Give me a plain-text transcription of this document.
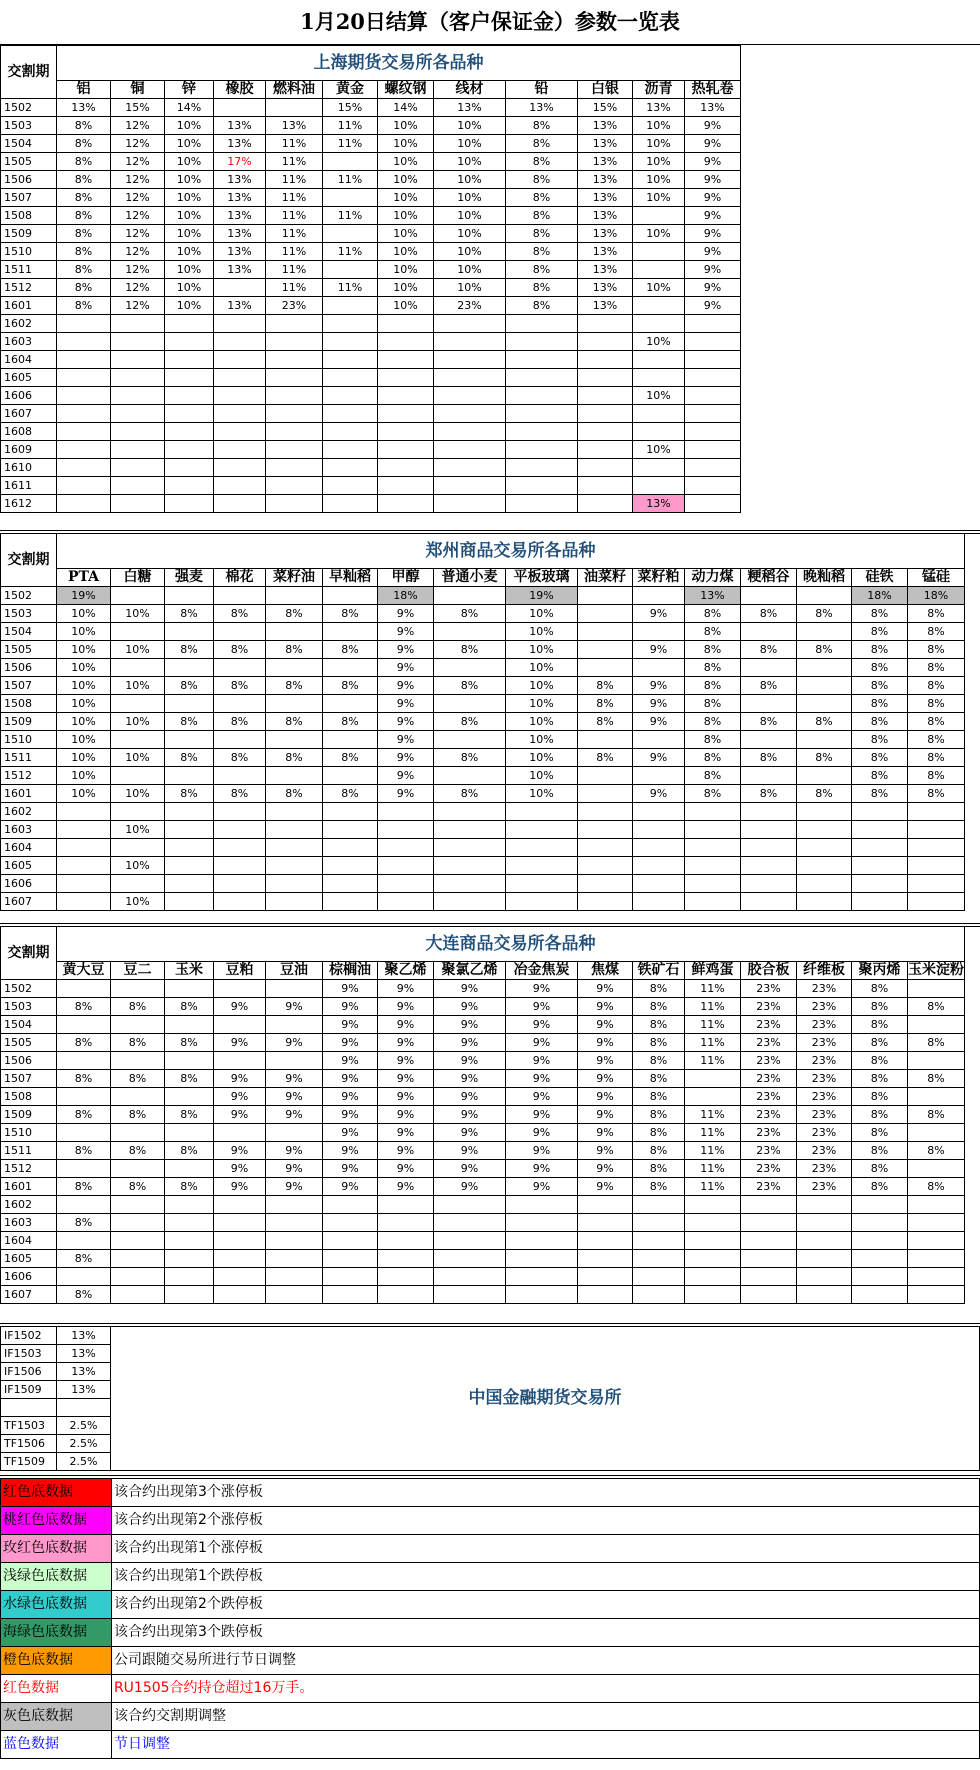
1月20日结算（客户保证金）参数一览表
交割期	上海期货交易所各品种											
	铝	铜	锌	橡胶	燃料油	黄金	螺纹钢	线材	铅	白银	沥青	热轧卷
1502	13%	15%	14%			15%	14%	13%	13%	15%	13%	13%
1503	8%	12%	10%	13%	13%	11%	10%	10%	8%	13%	10%	9%
1504	8%	12%	10%	13%	11%	11%	10%	10%	8%	13%	10%	9%
1505	8%	12%	10%	17%	11%		10%	10%	8%	13%	10%	9%
1506	8%	12%	10%	13%	11%	11%	10%	10%	8%	13%	10%	9%
1507	8%	12%	10%	13%	11%		10%	10%	8%	13%	10%	9%
1508	8%	12%	10%	13%	11%	11%	10%	10%	8%	13%		9%
1509	8%	12%	10%	13%	11%		10%	10%	8%	13%	10%	9%
1510	8%	12%	10%	13%	11%	11%	10%	10%	8%	13%		9%
1511	8%	12%	10%	13%	11%		10%	10%	8%	13%		9%
1512	8%	12%	10%		11%	11%	10%	10%	8%	13%	10%	9%
1601	8%	12%	10%	13%	23%		10%	23%	8%	13%		9%
1602												
1603											10%	
1604												
1605												
1606											10%	
1607												
1608												
1609											10%	
1610												
1611												
1612											13%	
交割期	郑州商品交易所各品种															
	PTA	白糖	强麦	棉花	菜籽油	早籼稻	甲醇	普通小麦	平板玻璃	油菜籽	菜籽粕	动力煤	粳稻谷	晚籼稻	硅铁	锰硅
1502	19%						18%		19%			13%			18%	18%
1503	10%	10%	8%	8%	8%	8%	9%	8%	10%		9%	8%	8%	8%	8%	8%
1504	10%						9%		10%			8%			8%	8%
1505	10%	10%	8%	8%	8%	8%	9%	8%	10%		9%	8%	8%	8%	8%	8%
1506	10%						9%		10%			8%			8%	8%
1507	10%	10%	8%	8%	8%	8%	9%	8%	10%	8%	9%	8%	8%		8%	8%
1508	10%						9%		10%	8%	9%	8%			8%	8%
1509	10%	10%	8%	8%	8%	8%	9%	8%	10%	8%	9%	8%	8%	8%	8%	8%
1510	10%						9%		10%			8%			8%	8%
1511	10%	10%	8%	8%	8%	8%	9%	8%	10%	8%	9%	8%	8%	8%	8%	8%
1512	10%						9%		10%			8%			8%	8%
1601	10%	10%	8%	8%	8%	8%	9%	8%	10%		9%	8%	8%	8%	8%	8%
1602																
1603		10%														
1604																
1605		10%														
1606																
1607		10%														
交割期	大连商品交易所各品种															
	黄大豆	豆二	玉米	豆粕	豆油	棕榈油	聚乙烯	聚氯乙烯	冶金焦炭	焦煤	铁矿石	鲜鸡蛋	胶合板	纤维板	聚丙烯	玉米淀粉
1502						9%	9%	9%	9%	9%	8%	11%	23%	23%	8%	
1503	8%	8%	8%	9%	9%	9%	9%	9%	9%	9%	8%	11%	23%	23%	8%	8%
1504						9%	9%	9%	9%	9%	8%	11%	23%	23%	8%	
1505	8%	8%	8%	9%	9%	9%	9%	9%	9%	9%	8%	11%	23%	23%	8%	8%
1506						9%	9%	9%	9%	9%	8%	11%	23%	23%	8%	
1507	8%	8%	8%	9%	9%	9%	9%	9%	9%	9%	8%		23%	23%	8%	8%
1508				9%	9%	9%	9%	9%	9%	9%	8%		23%	23%	8%	
1509	8%	8%	8%	9%	9%	9%	9%	9%	9%	9%	8%	11%	23%	23%	8%	8%
1510						9%	9%	9%	9%	9%	8%	11%	23%	23%	8%	
1511	8%	8%	8%	9%	9%	9%	9%	9%	9%	9%	8%	11%	23%	23%	8%	8%
1512				9%	9%	9%	9%	9%	9%	9%	8%	11%	23%	23%	8%	
1601	8%	8%	8%	9%	9%	9%	9%	9%	9%	9%	8%	11%	23%	23%	8%	8%
1602																
1603	8%															
1604																
1605	8%															
1606																
1607	8%															
IF1502	13%	中国金融期货交易所
IF1503	13%	
IF1506	13%	
IF1509	13%	

TF1503	2.5%	
TF1506	2.5%	
TF1509	2.5%	
红色底数据	该合约出现第3个涨停板
桃红色底数据	该合约出现第2个涨停板
玫红色底数据	该合约出现第1个涨停板
浅绿色底数据	该合约出现第1个跌停板
水绿色底数据	该合约出现第2个跌停板
海绿色底数据	该合约出现第3个跌停板
橙色底数据	公司跟随交易所进行节日调整
红色数据	RU1505合约持仓超过16万手。
灰色底数据	该合约交割期调整
蓝色数据	节日调整
